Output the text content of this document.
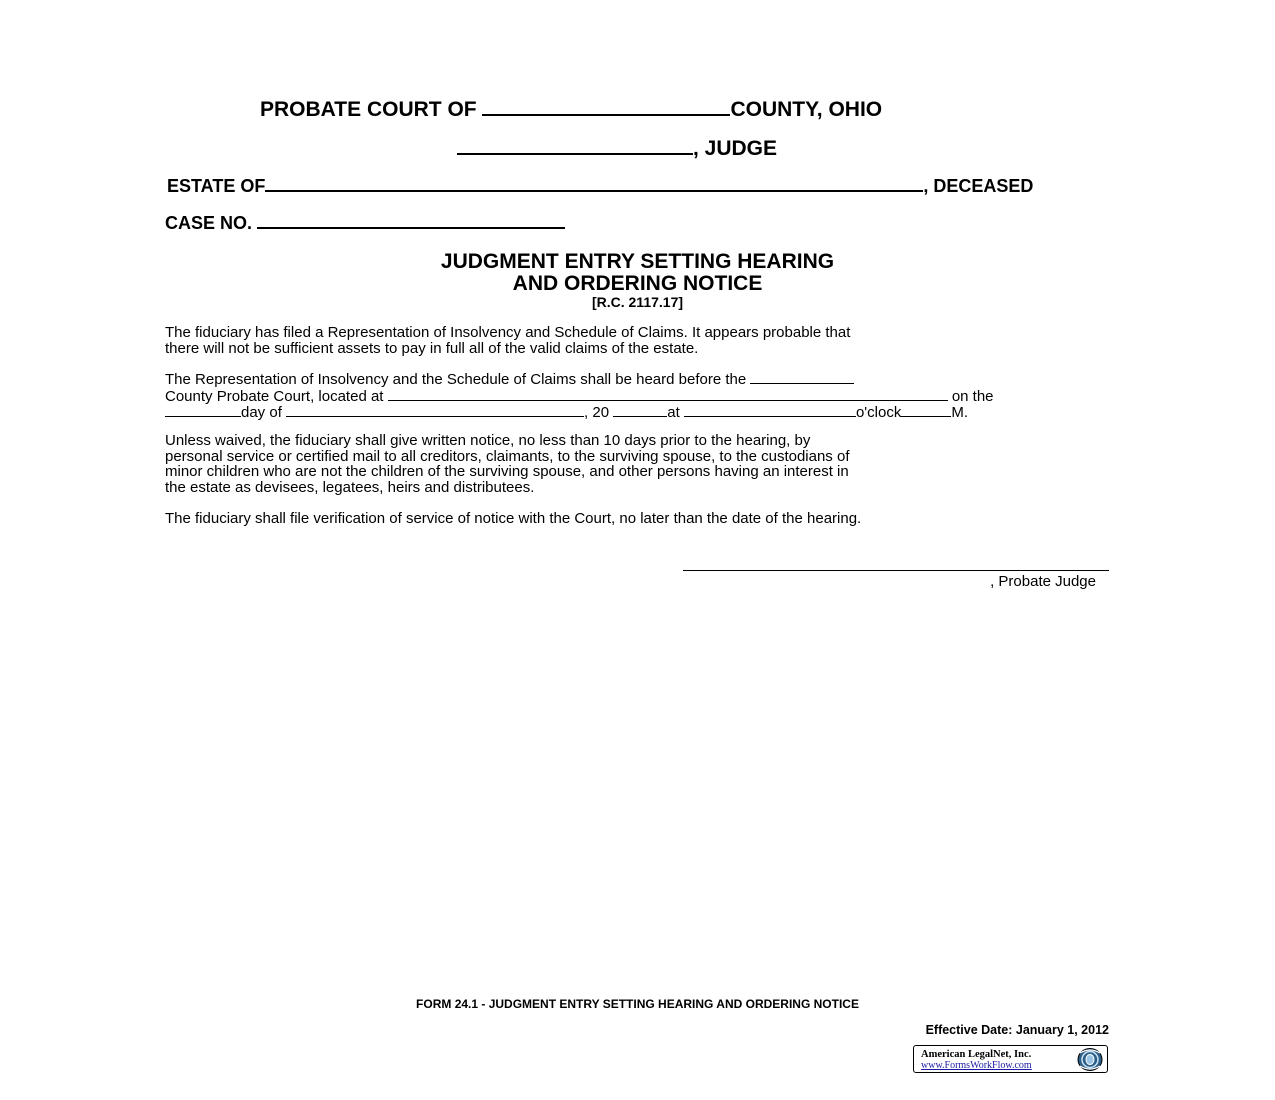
PROBATE COURT OF	COUNTY, OHIO
, JUDGE
ESTATE OF	, DECEASED
CASE NO.
JUDGMENT ENTRY SETTING HEARING
AND ORDERING NOTICE
[R.C. 2117.17]

The fiduciary has filed a Representation of Insolvency and Schedule of Claims. It appears probable that

there will not be sufficient assets to pay in full all of the valid claims of the estate.

The Representation of Insolvency and the Schedule of Claims shall be heard before the

County Probate Court, located at	on the

day of	, 20	at	o'clock	M.

Unless waived, the fiduciary shall give written notice, no less than 10 days prior to the hearing, by

personal service or certified mail to all creditors, claimants, to the surviving spouse, to the custodians of

minor children who are not the children of the surviving spouse, and other persons having an interest in

the estate as devisees, legatees, heirs and distributees.

The fiduciary shall file verification of service of notice with the Court, no later than the date of the hearing.

, Probate Judge
FORM 24.1 - JUDGMENT ENTRY SETTING HEARING AND ORDERING NOTICE
Effective Date: January 1, 2012
American LegalNet, Inc.
www.FormsWorkFlow.com
